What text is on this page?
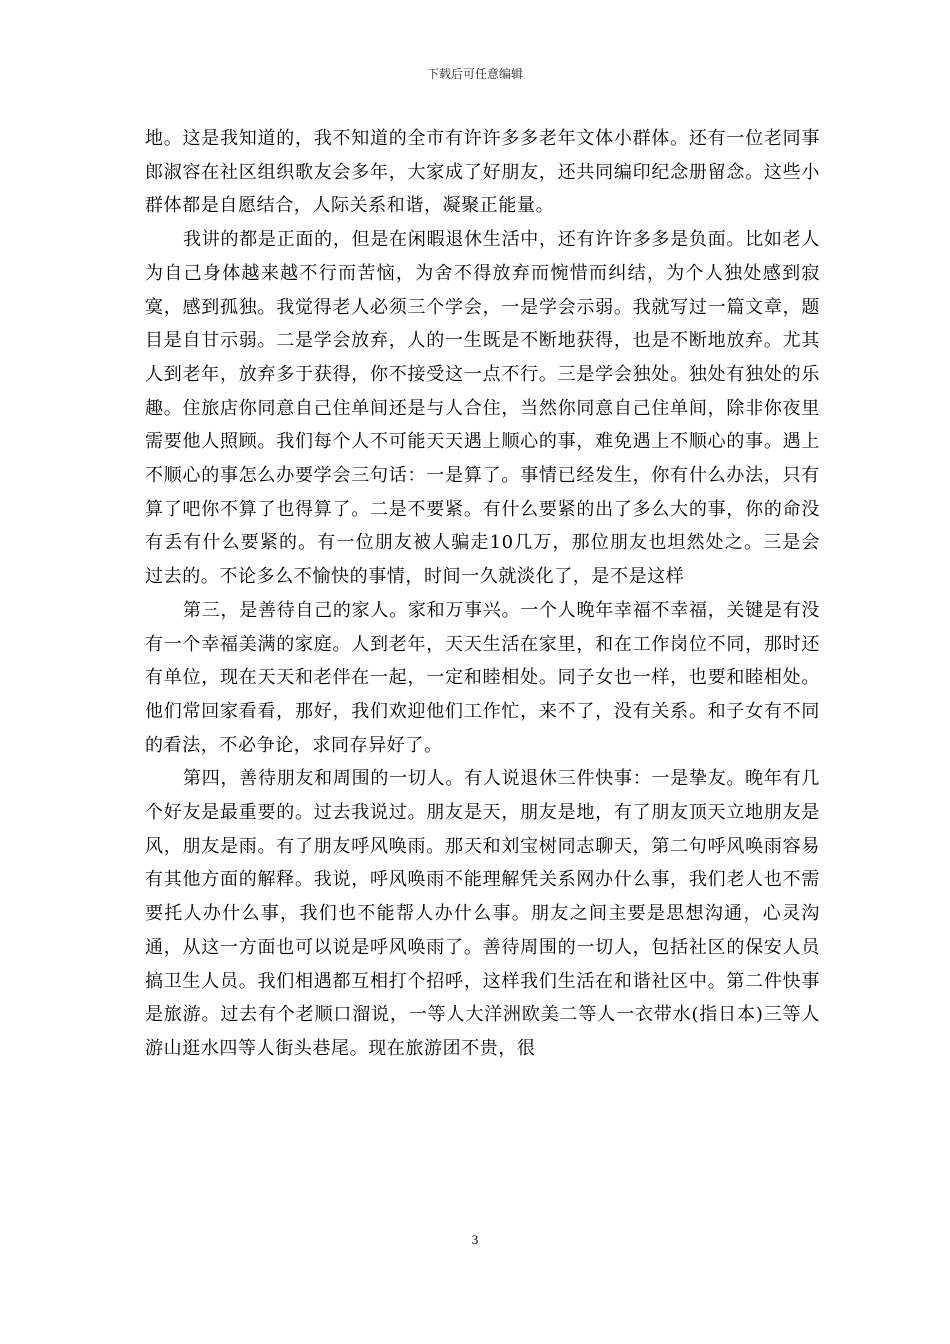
下载后可任意编辑

地。这是我知道的，我不知道的全市有许许多多老年文体小群体。还有一位老同事郎淑容在社区组织歌友会多年，大家成了好朋友，还共同编印纪念册留念。这些小群体都是自愿结合，人际关系和谐，凝聚正能量。

我讲的都是正面的，但是在闲暇退休生活中，还有许许多多是负面。比如老人为自己身体越来越不行而苦恼，为舍不得放弃而惋惜而纠结，为个人独处感到寂寞，感到孤独。我觉得老人必须三个学会，一是学会示弱。我就写过一篇文章，题目是自甘示弱。二是学会放弃，人的一生既是不断地获得，也是不断地放弃。尤其人到老年，放弃多于获得，你不接受这一点不行。三是学会独处。独处有独处的乐趣。住旅店你同意自己住单间还是与人合住，当然你同意自己住单间，除非你夜里需要他人照顾。我们每个人不可能天天遇上顺心的事，难免遇上不顺心的事。遇上不顺心的事怎么办要学会三句话：一是算了。事情已经发生，你有什么办法，只有算了吧你不算了也得算了。二是不要紧。有什么要紧的出了多么大的事，你的命没有丢有什么要紧的。有一位朋友被人骗走10几万，那位朋友也坦然处之。三是会过去的。不论多么不愉快的事情，时间一久就淡化了，是不是这样

第三，是善待自己的家人。家和万事兴。一个人晚年幸福不幸福，关键是有没有一个幸福美满的家庭。人到老年，天天生活在家里，和在工作岗位不同，那时还有单位，现在天天和老伴在一起，一定和睦相处。同子女也一样，也要和睦相处。他们常回家看看，那好，我们欢迎他们工作忙，来不了，没有关系。和子女有不同的看法，不必争论，求同存异好了。

第四，善待朋友和周围的一切人。有人说退休三件快事：一是挚友。晚年有几个好友是最重要的。过去我说过。朋友是天，朋友是地，有了朋友顶天立地朋友是风，朋友是雨。有了朋友呼风唤雨。那天和刘宝树同志聊天，第二句呼风唤雨容易有其他方面的解释。我说，呼风唤雨不能理解凭关系网办什么事，我们老人也不需要托人办什么事，我们也不能帮人办什么事。朋友之间主要是思想沟通，心灵沟通，从这一方面也可以说是呼风唤雨了。善待周围的一切人，包括社区的保安人员搞卫生人员。我们相遇都互相打个招呼，这样我们生活在和谐社区中。第二件快事是旅游。过去有个老顺口溜说，一等人大洋洲欧美二等人一衣带水(指日本)三等人游山逛水四等人街头巷尾。现在旅游团不贵，很

3
